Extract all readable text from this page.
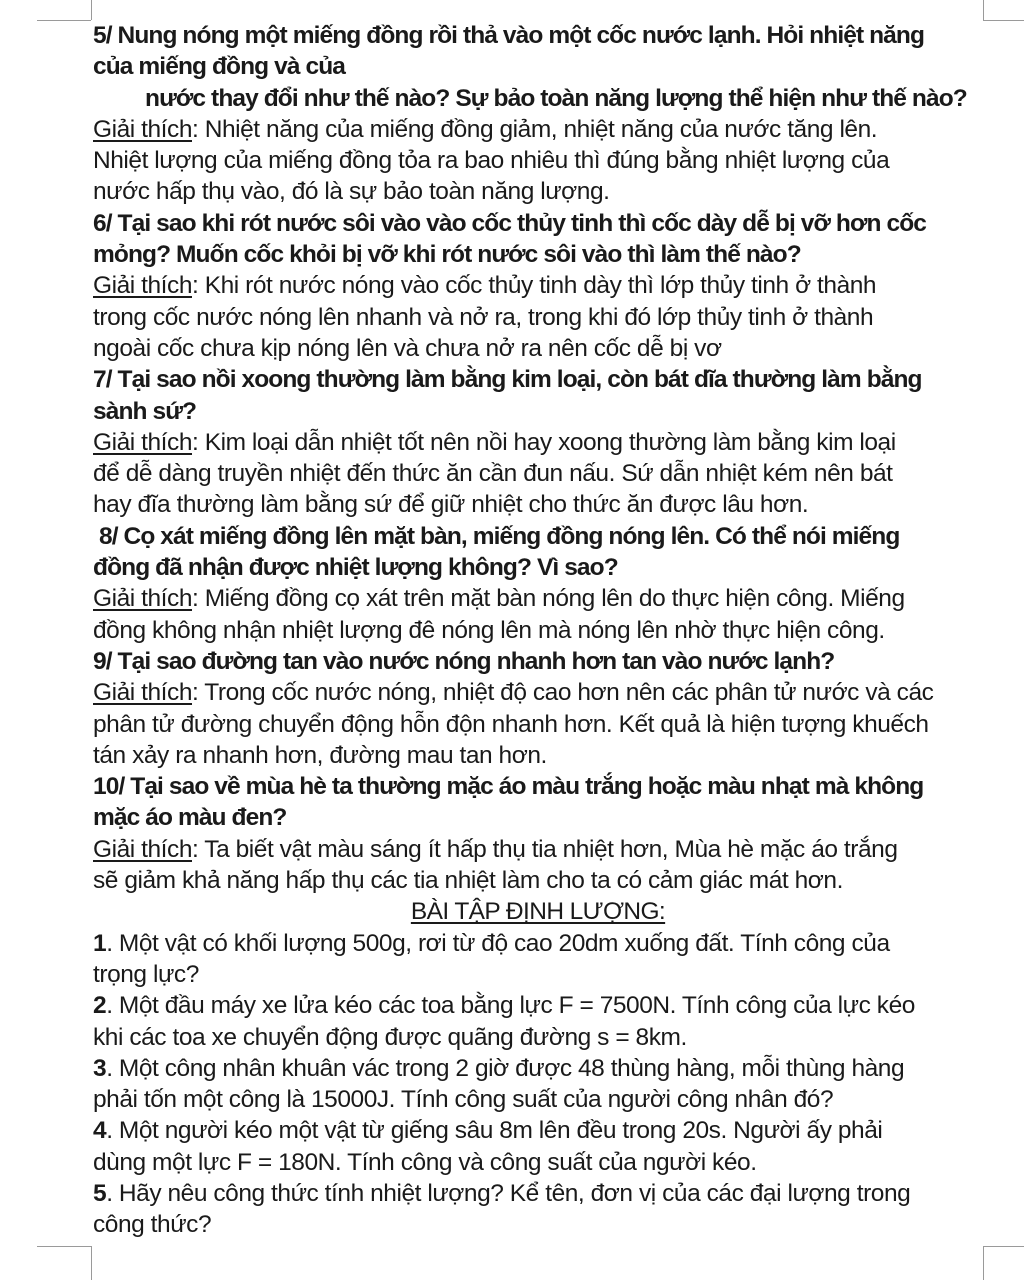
5/ Nung nóng một miếng đồng rồi thả vào một cốc nước lạnh. Hỏi nhiệt năng
của miếng đồng và của
nước thay đổi như thế nào? Sự bảo toàn năng lượng thể hiện như thế nào?
Giải thích: Nhiệt năng của miếng đồng giảm, nhiệt năng của nước tăng lên.
Nhiệt lượng của miếng đồng tỏa ra bao nhiêu thì đúng bằng nhiệt lượng của
nước hấp thụ vào, đó là sự bảo toàn năng lượng.
6/ Tại sao khi rót nước sôi vào vào cốc thủy tinh thì cốc dày dễ bị vỡ hơn cốc
mỏng? Muốn cốc khỏi bị vỡ khi rót nước sôi vào thì làm thế nào?
Giải thích: Khi rót nước nóng vào cốc thủy tinh dày thì lớp thủy tinh ở thành
trong cốc nước nóng lên nhanh và nở ra, trong khi đó lớp thủy tinh ở thành
ngoài cốc chưa kịp nóng lên và chưa nở ra nên cốc dễ bị vơ
7/ Tại sao nồi xoong thường làm bằng kim loại, còn bát dĩa thường làm bằng
sành sứ?
Giải thích: Kim loại dẫn nhiệt tốt nên nồi hay xoong thường làm bằng kim loại
để dễ dàng truyền nhiệt đến thức ăn cần đun nấu. Sứ dẫn nhiệt kém nên bát
hay đĩa thường làm bằng sứ để giữ nhiệt cho thức ăn được lâu hơn.
8/ Cọ xát miếng đồng lên mặt bàn, miếng đồng nóng lên. Có thể nói miếng
đồng đã nhận được nhiệt lượng không? Vì sao?
Giải thích: Miếng đồng cọ xát trên mặt bàn nóng lên do thực hiện công. Miếng
đồng không nhận nhiệt lượng đê nóng lên mà nóng lên nhờ thực hiện công.
9/ Tại sao đường tan vào nước nóng nhanh hơn tan vào nước lạnh?
Giải thích: Trong cốc nước nóng, nhiệt độ cao hơn nên các phân tử nước và các
phân tử đường chuyển động hỗn độn nhanh hơn. Kết quả là hiện tượng khuếch
tán xảy ra nhanh hơn, đường mau tan hơn.
10/ Tại sao về mùa hè ta thường mặc áo màu trắng hoặc màu nhạt mà không
mặc áo màu đen?
Giải thích: Ta biết vật màu sáng ít hấp thụ tia nhiệt hơn, Mùa hè mặc áo trắng
sẽ giảm khả năng hấp thụ các tia nhiệt làm cho ta có cảm giác mát hơn.
BÀI TẬP ĐỊNH LƯỢNG:
1. Một vật có khối lượng 500g, rơi từ độ cao 20dm xuống đất. Tính công của
trọng lực?
2. Một đầu máy xe lửa kéo các toa bằng lực F = 7500N. Tính công của lực kéo
khi các toa xe chuyển động được quãng đường s = 8km.
3. Một công nhân khuân vác trong 2 giờ được 48 thùng hàng, mỗi thùng hàng
phải tốn một công là 15000J. Tính công suất của người công nhân đó?
4. Một người kéo một vật từ giếng sâu 8m lên đều trong 20s. Người ấy phải
dùng một lực F = 180N. Tính công và công suất của người kéo.
5. Hãy nêu công thức tính nhiệt lượng? Kể tên, đơn vị của các đại lượng trong
công thức?
